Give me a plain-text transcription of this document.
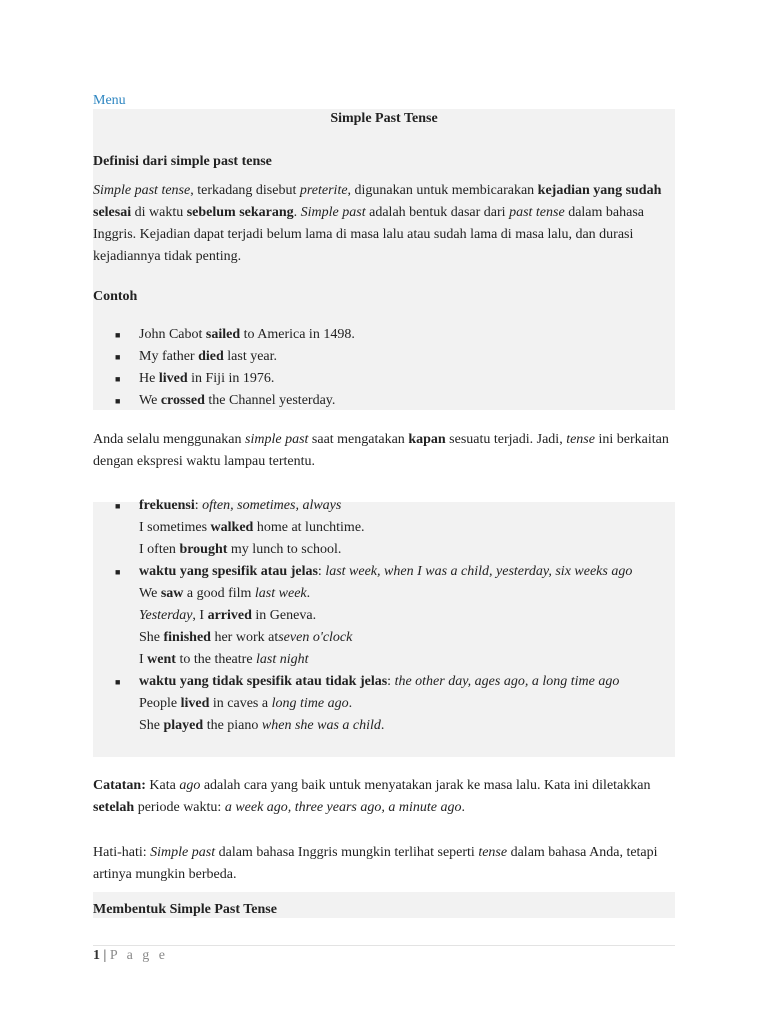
Menu
Simple Past Tense
Definisi dari simple past tense

Simple past tense, terkadang disebut preterite, digunakan untuk membicarakan kejadian yang sudah selesai di waktu sebelum sekarang. Simple past adalah bentuk dasar dari past tense dalam bahasa Inggris. Kejadian dapat terjadi belum lama di masa lalu atau sudah lama di masa lalu, dan durasi kejadiannya tidak penting.

Contoh
■ John Cabot sailed to America in 1498.
■ My father died last year.
■ He lived in Fiji in 1976.
■ We crossed the Channel yesterday.

Anda selalu menggunakan simple past saat mengatakan kapan sesuatu terjadi. Jadi, tense ini berkaitan dengan ekspresi waktu lampau tertentu.

■ frekuensi: often, sometimes, always
I sometimes walked home at lunchtime.
I often brought my lunch to school.
■ waktu yang spesifik atau jelas: last week, when I was a child, yesterday, six weeks ago
We saw a good film last week.
Yesterday, I arrived in Geneva.
She finished her work atseven o'clock
I went to the theatre last night
■ waktu yang tidak spesifik atau tidak jelas: the other day, ages ago, a long time ago
People lived in caves a long time ago.
She played the piano when she was a child.

Catatan: Kata ago adalah cara yang baik untuk menyatakan jarak ke masa lalu. Kata ini diletakkan setelah periode waktu: a week ago, three years ago, a minute ago.

Hati-hati: Simple past dalam bahasa Inggris mungkin terlihat seperti tense dalam bahasa Anda, tetapi artinya mungkin berbeda.

Membentuk Simple Past Tense
1 | P a g e
